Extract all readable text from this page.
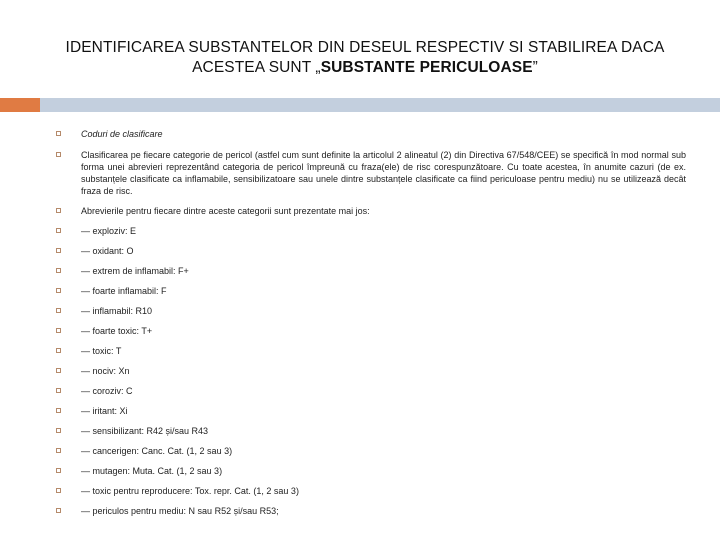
IDENTIFICAREA SUBSTANTELOR DIN DESEUL RESPECTIV SI STABILIREA DACA
ACESTEA SUNT „SUBSTANTE PERICULOASE”
Coduri de clasificare
Clasificarea pe fiecare categorie de pericol (astfel cum sunt definite la articolul 2 alineatul (2) din Directiva 67/548/CEE) se specifică în mod normal sub forma unei abrevieri reprezentând categoria de pericol împreună cu fraza(ele) de risc corespunzătoare. Cu toate acestea, în anumite cazuri (de ex. substanțele clasificate ca inflamabile, sensibilizatoare sau unele dintre substanțele clasificate ca fiind periculoase pentru mediu) nu se utilizează decât fraza de risc.
Abrevierile pentru fiecare dintre aceste categorii sunt prezentate mai jos:
— exploziv: E
— oxidant: O
— extrem de inflamabil: F+
— foarte inflamabil: F
— inflamabil: R10
— foarte toxic: T+
— toxic: T
— nociv: Xn
— coroziv: C
— iritant: Xi
— sensibilizant: R42 și/sau R43
— cancerigen: Canc. Cat. (1, 2 sau 3)
— mutagen: Muta. Cat. (1, 2 sau 3)
— toxic pentru reproducere: Tox. repr. Cat. (1, 2 sau 3)
— periculos pentru mediu: N sau R52 și/sau R53;
